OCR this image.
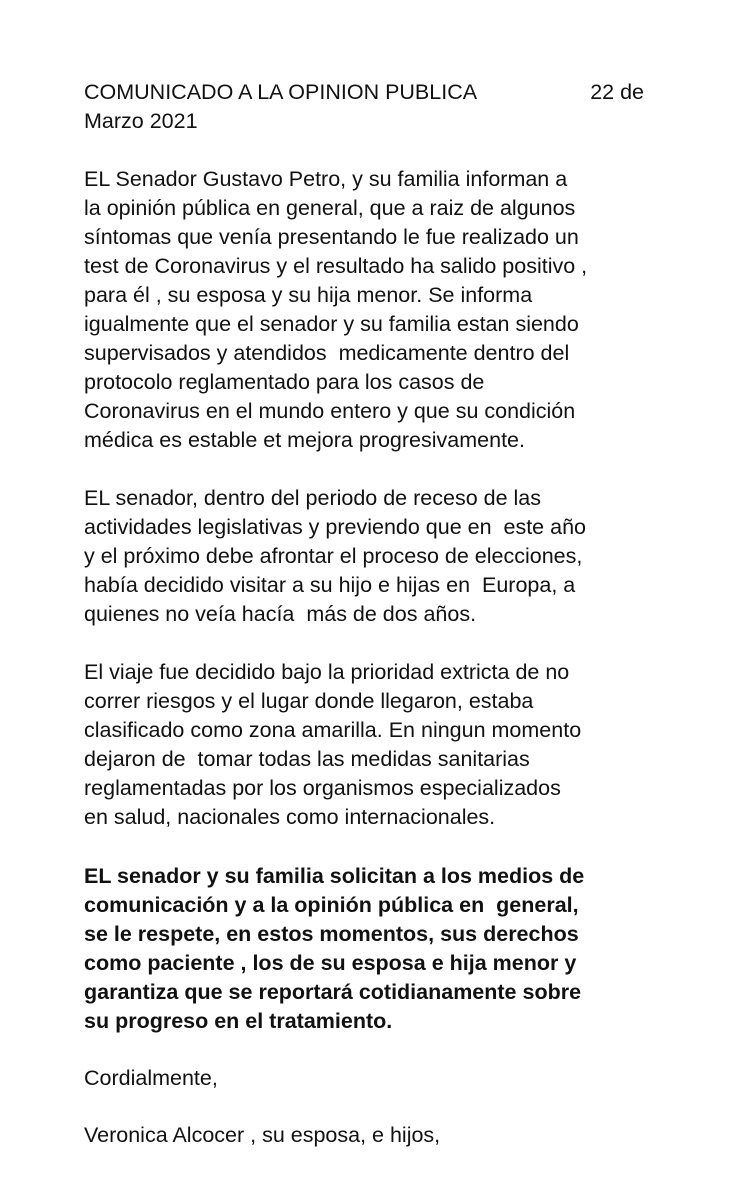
COMUNICADO A LA OPINION PUBLICA	22 de
Marzo 2021
EL Senador Gustavo Petro, y su familia informan a
la opinión pública en general, que a raiz de algunos
síntomas que venía presentando le fue realizado un
test de Coronavirus y el resultado ha salido positivo ,
para él , su esposa y su hija menor. Se informa
igualmente que el senador y su familia estan siendo
supervisados y atendidos  medicamente dentro del
protocolo reglamentado para los casos de
Coronavirus en el mundo entero y que su condición
médica es estable et mejora progresivamente.
EL senador, dentro del periodo de receso de las
actividades legislativas y previendo que en  este año
y el próximo debe afrontar el proceso de elecciones,
había decidido visitar a su hijo e hijas en  Europa, a
quienes no veía hacía  más de dos años.
El viaje fue decidido bajo la prioridad extricta de no
correr riesgos y el lugar donde llegaron, estaba
clasificado como zona amarilla. En ningun momento
dejaron de  tomar todas las medidas sanitarias
reglamentadas por los organismos especializados
en salud, nacionales como internacionales.
EL senador y su familia solicitan a los medios de
comunicación y a la opinión pública en  general,
se le respete, en estos momentos, sus derechos
como paciente , los de su esposa e hija menor y
garantiza que se reportará cotidianamente sobre
su progreso en el tratamiento.
Cordialmente,
Veronica Alcocer , su esposa, e hijos,
